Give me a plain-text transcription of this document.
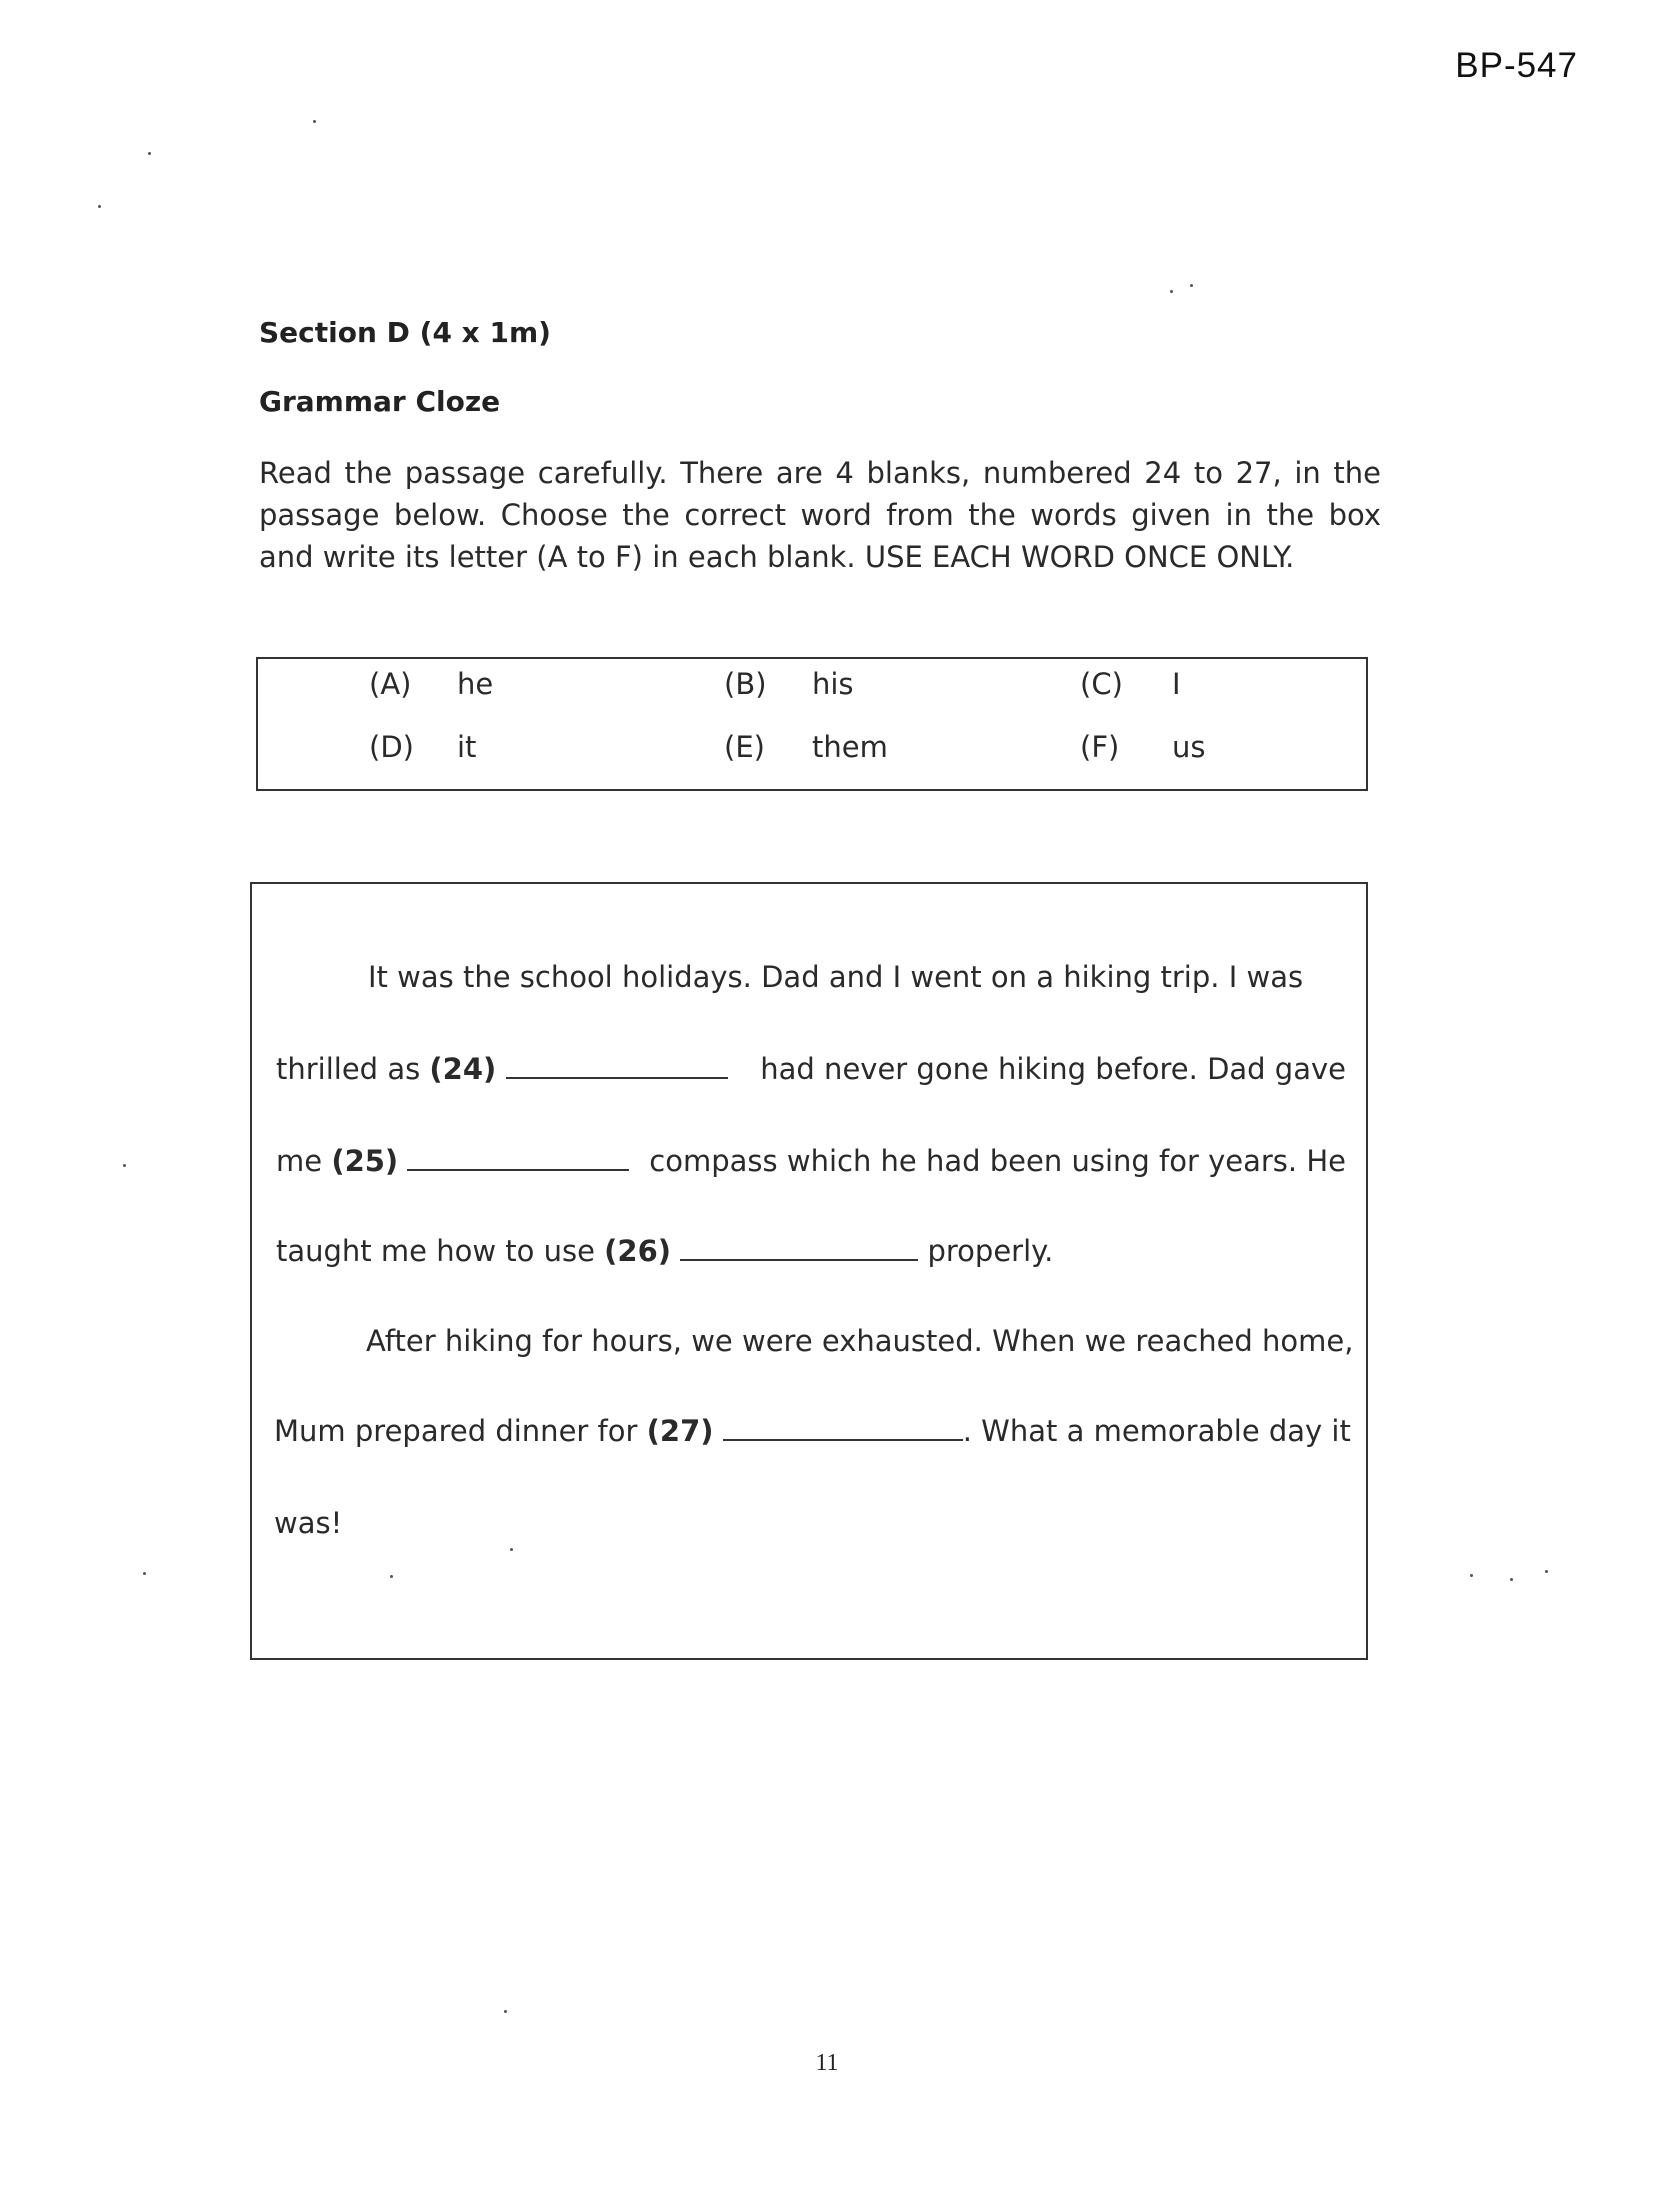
BP-547
Section D (4 x 1m)
Grammar Cloze
Read the passage carefully. There are 4 blanks, numbered 24 to 27, in the passage below. Choose the correct word from the words given in the box and write its letter (A to F) in each blank. USE EACH WORD ONCE ONLY.
(A) he	(B) his	(C) I
(D) it	(E) them	(F) us
It was the school holidays. Dad and I went on a hiking trip. I was
thrilled as (24)	had never gone hiking before. Dad gave
me (25)	compass which he had been using for years. He
taught me how to use (26)	properly.
After hiking for hours, we were exhausted. When we reached home,
Mum prepared dinner for (27)	. What a memorable day it
was!
11
